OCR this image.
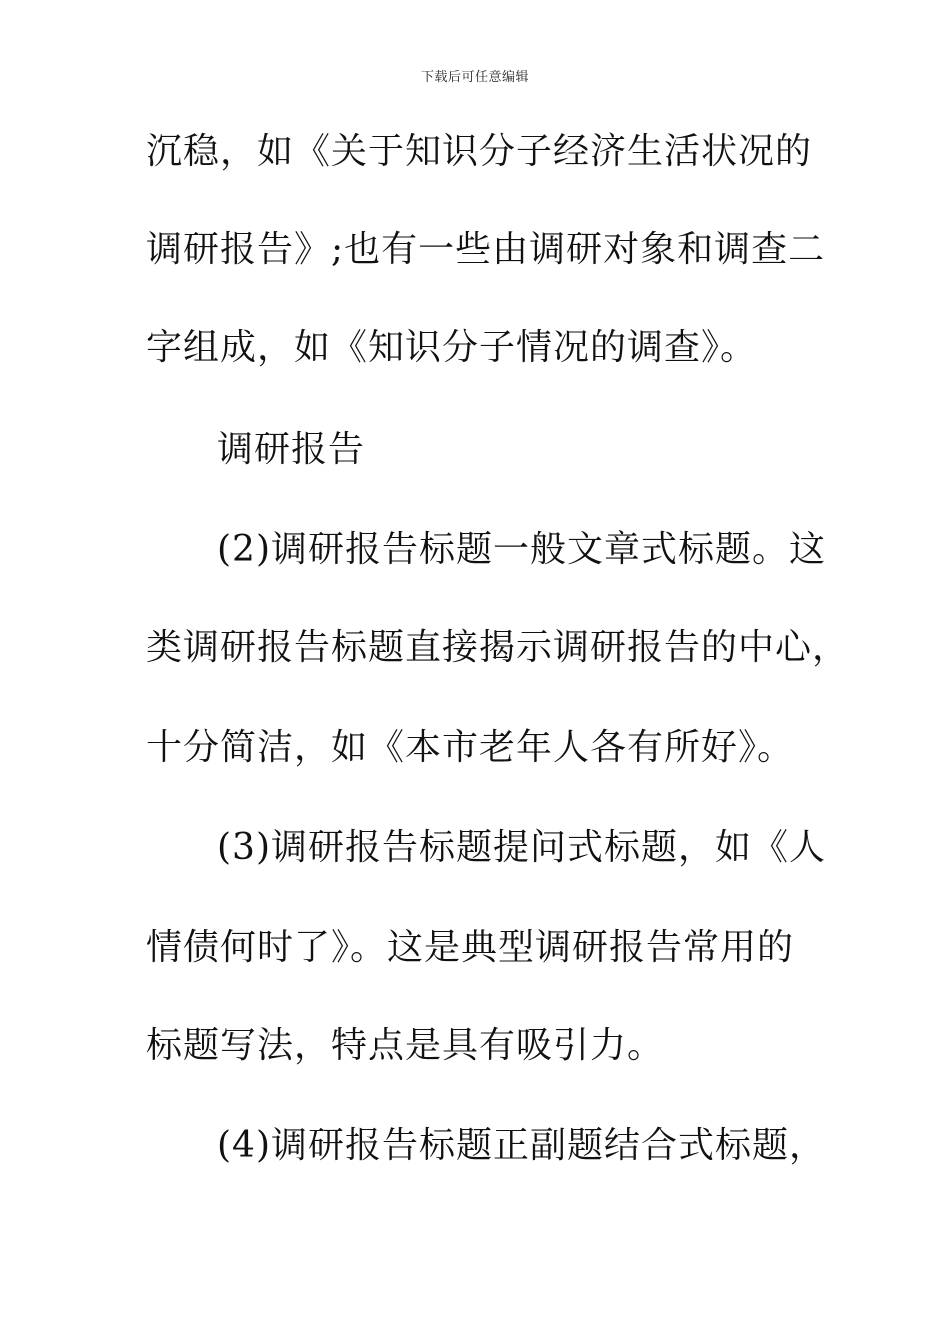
下载后可任意编辑
沉稳，如《关于知识分子经济生活状况的
调研报告》;也有一些由调研对象和调查二
字组成，如《知识分子情况的调查》。
调研报告
(2)调研报告标题一般文章式标题。这
类调研报告标题直接揭示调研报告的中心，
十分简洁，如《本市老年人各有所好》。
(3)调研报告标题提问式标题，如《人
情债何时了》。这是典型调研报告常用的
标题写法，特点是具有吸引力。
(4)调研报告标题正副题结合式标题，
